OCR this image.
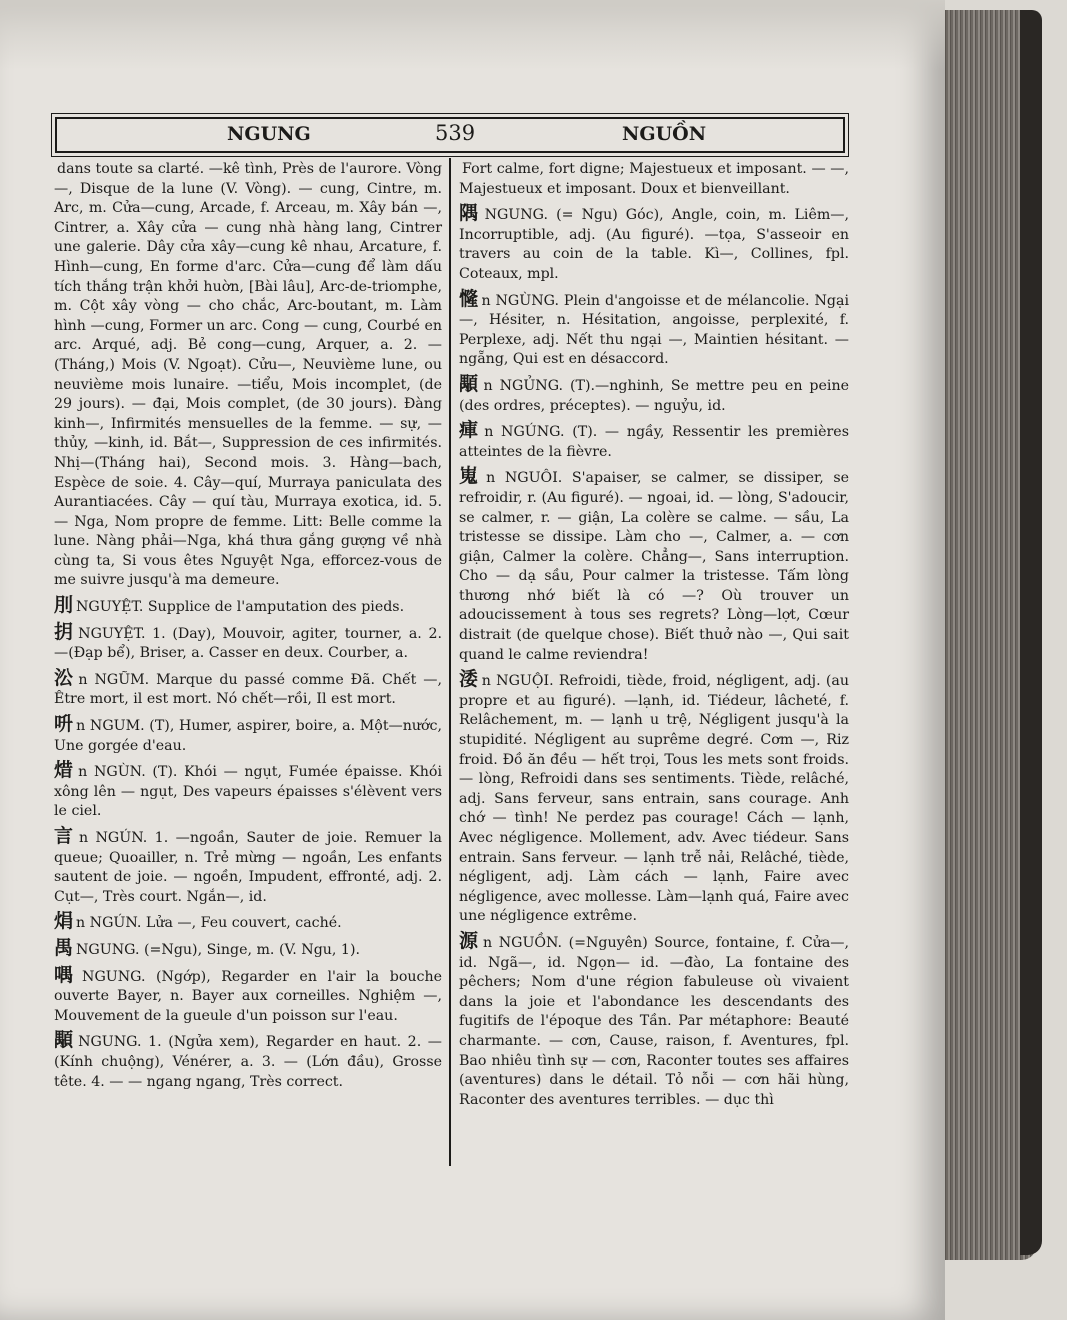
NGUNG	539	NGUỒN

dans toute sa clarté. —kê tình, Près de l'aurore. Vòng —, Disque de la lune (V. Vòng). — cung, Cintre, m. Arc, m. Cửa—cung, Arcade, f. Arceau, m. Xây bán —, Cintrer, a. Xây cửa — cung nhà hàng lang, Cintrer une galerie. Dây cửa xây—cung kê nhau, Arcature, f. Hình—cung, En forme d'arc. Cửa—cung để làm dấu tích thắng trận khởi huờn, [Bài lâu], Arc-de-triomphe, m. Cột xây vòng — cho chắc, Arc-boutant, m. Làm hình —cung, Former un arc. Cong — cung, Courbé en arc. Arqué, adj. Bẻ cong—cung, Arquer, a. 2. — (Tháng,) Mois (V. Ngoạt). Cửu—, Neuvième lune, ou neuvième mois lunaire. —tiểu, Mois incomplet, (de 29 jours). — đại, Mois complet, (de 30 jours). Đàng kinh—, Infirmités mensuelles de la femme. — sự, — thủy, —kinh, id. Bắt—, Suppression de ces infirmités. Nhị—(Tháng hai), Second mois. 3. Hàng—bach, Espèce de soie. 4. Cây—quí, Murraya paniculata des Aurantiacées. Cây — quí tàu, Murraya exotica, id. 5. — Nga, Nom propre de femme. Litt: Belle comme la lune. Nàng phải—Nga, khá thưa gắng gượng về nhà cùng ta, Si vous êtes Nguyệt Nga, efforcez-vous de me suivre jusqu'à ma demeure.

刖 NGUYỆT. Supplice de l'amputation des pieds.

抈 NGUYỆT. 1. (Day), Mouvoir, agiter, tourner, a. 2. —(Đạp bể), Briser, a. Casser en deux. Courber, a.

㳂 n NGŨM. Marque du passé comme Đã. Chết —, Être mort, il est mort. Nó chết—rồi, Il est mort.

呏 n NGUM. (T), Humer, aspirer, boire, a. Một—nước, Une gorgée d'eau.

焟 n NGÙN. (T). Khói — ngụt, Fumée épaisse. Khói xông lên — ngụt, Des vapeurs épaisses s'élèvent vers le ciel.

言 n NGÚN. 1. —ngoần, Sauter de joie. Remuer la queue; Quoailler, n. Trẻ mừng — ngoần, Les enfants sautent de joie. — ngoền, Impudent, effronté, adj. 2. Cụt—, Très court. Ngắn—, id.

焆 n NGÚN. Lửa —, Feu couvert, caché.

禺 NGUNG. (=Ngu), Singe, m. (V. Ngu, 1).

喁 NGUNG. (Ngớp), Regarder en l'air la bouche ouverte Bayer, n. Bayer aux corneilles. Nghiệm —, Mouvement de la gueule d'un poisson sur l'eau.

顒 NGUNG. 1. (Ngửa xem), Regarder en haut. 2. — (Kính chuộng), Vénérer, a. 3. — (Lớn đầu), Grosse tête. 4. — — ngang ngang, Très correct.

Fort calme, fort digne; Majestueux et imposant. — —, Majestueux et imposant. Doux et bienveillant.

隅 NGUNG. (= Ngu) Góc), Angle, coin, m. Liêm—, Incorruptible, adj. (Au figuré). —tọa, S'asseoir en travers au coin de la table. Kì—, Collines, fpl. Coteaux, mpl.

㦕 n NGÙNG. Plein d'angoisse et de mélancolie. Ngại —, Hésiter, n. Hésitation, angoisse, perplexité, f. Perplexe, adj. Nết thu ngại —, Maintien hésitant. —ngẵng, Qui est en désaccord.

顒 n NGỦNG. (T).—nghinh, Se mettre peu en peine (des ordres, préceptes). — nguỷu, id.

㾝 n NGÚNG. (T). — ngầy, Ressentir les premières atteintes de la fièvre.

嵬 n NGUÔI. S'apaiser, se calmer, se dissiper, se refroidir, r. (Au figuré). — ngoai, id. — lòng, S'adoucir, se calmer, r. — giận, La colère se calme. — sầu, La tristesse se dissipe. Làm cho —, Calmer, a. — cơn giận, Calmer la colère. Chẳng—, Sans interruption. Cho — dạ sầu, Pour calmer la tristesse. Tấm lòng thương nhớ biết là có —? Où trouver un adoucissement à tous ses regrets? Lòng—lợt, Cœur distrait (de quelque chose). Biết thuở nào —, Qui sait quand le calme reviendra!

涹 n NGUỘI. Refroidi, tiède, froid, négligent, adj. (au propre et au figuré). —lạnh, id. Tiédeur, lâcheté, f. Relâchement, m. — lạnh u trệ, Négligent jusqu'à la stupidité. Négligent au suprême degré. Cơm —, Riz froid. Đồ ăn đều — hết trọi, Tous les mets sont froids. — lòng, Refroidi dans ses sentiments. Tiède, relâché, adj. Sans ferveur, sans entrain, sans courage. Anh chớ — tình! Ne perdez pas courage! Cách — lạnh, Avec négligence. Mollement, adv. Avec tiédeur. Sans entrain. Sans ferveur. — lạnh trễ nải, Relâché, tiède, négligent, adj. Làm cách — lạnh, Faire avec négligence, avec mollesse. Làm—lạnh quá, Faire avec une négligence extrême.

源 n NGUỒN. (=Nguyên) Source, fontaine, f. Cửa—, id. Ngã—, id. Ngọn— id. —đào, La fontaine des pêchers; Nom d'une région fabuleuse où vivaient dans la joie et l'abondance les descendants des fugitifs de l'époque des Tần. Par métaphore: Beauté charmante. — cơn, Cause, raison, f. Aventures, fpl. Bao nhiêu tình sự — cơn, Raconter toutes ses affaires (aventures) dans le détail. Tỏ nỗi — cơn hãi hùng, Raconter des aventures terribles. — dục thì
